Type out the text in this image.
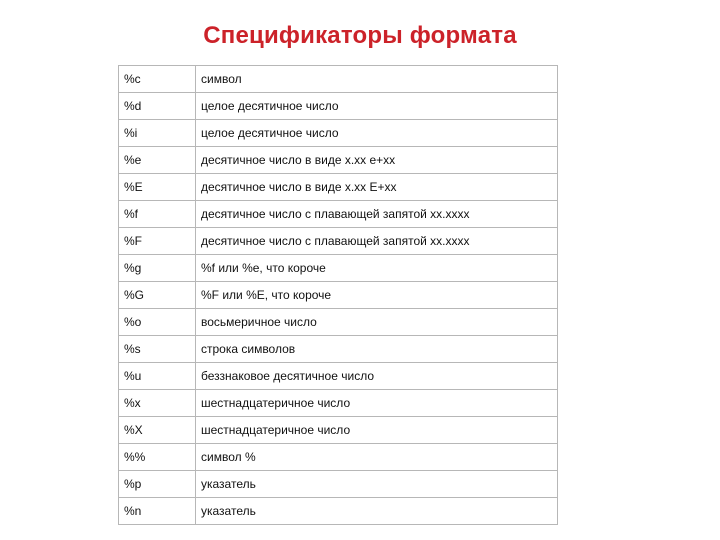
Спецификаторы формата
%c	символ
%d	целое десятичное число
%i	целое десятичное число
%e	десятичное число в виде x.xx e+xx
%E	десятичное число в виде x.xx E+xx
%f	десятичное число с плавающей запятой xx.xxxx
%F	десятичное число с плавающей запятой xx.xxxx
%g	%f или %e, что короче
%G	%F или %E, что короче
%o	восьмеричное число
%s	строка символов
%u	беззнаковое десятичное число
%x	шестнадцатеричное число
%X	шестнадцатеричное число
%%	символ %
%p	указатель
%n	указатель
